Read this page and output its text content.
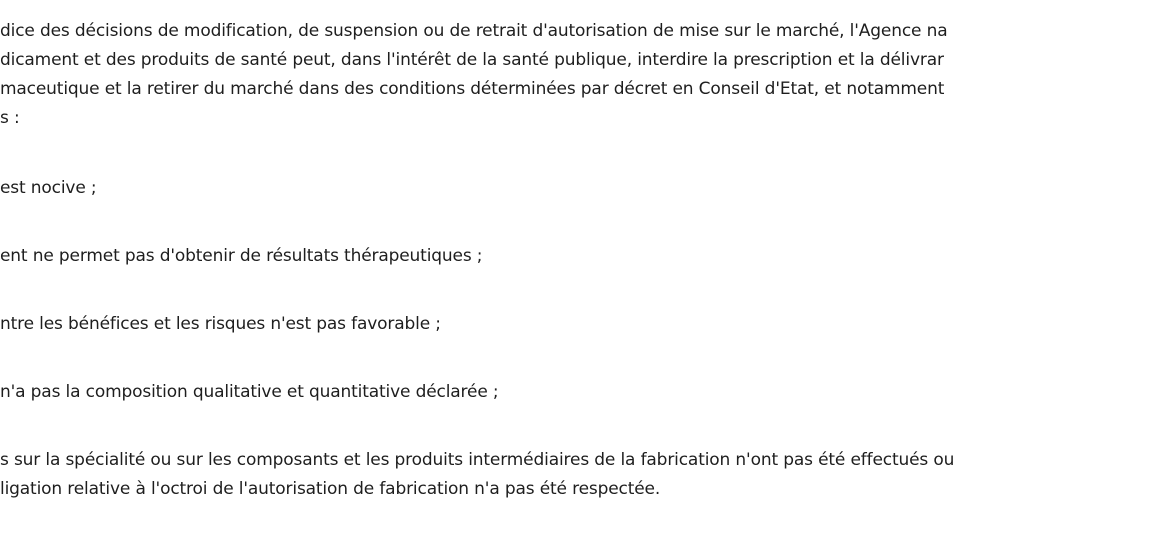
dice des décisions de modification, de suspension ou de retrait d'autorisation de mise sur le marché, l'Agence na
dicament et des produits de santé peut, dans l'intérêt de la santé publique, interdire la prescription et la délivrar
maceutique et la retirer du marché dans des conditions déterminées par décret en Conseil d'Etat, et notamment
s :
est nocive ;
ent ne permet pas d'obtenir de résultats thérapeutiques ;
ntre les bénéfices et les risques n'est pas favorable ;
n'a pas la composition qualitative et quantitative déclarée ;
s sur la spécialité ou sur les composants et les produits intermédiaires de la fabrication n'ont pas été effectués ou
ligation relative à l'octroi de l'autorisation de fabrication n'a pas été respectée.
